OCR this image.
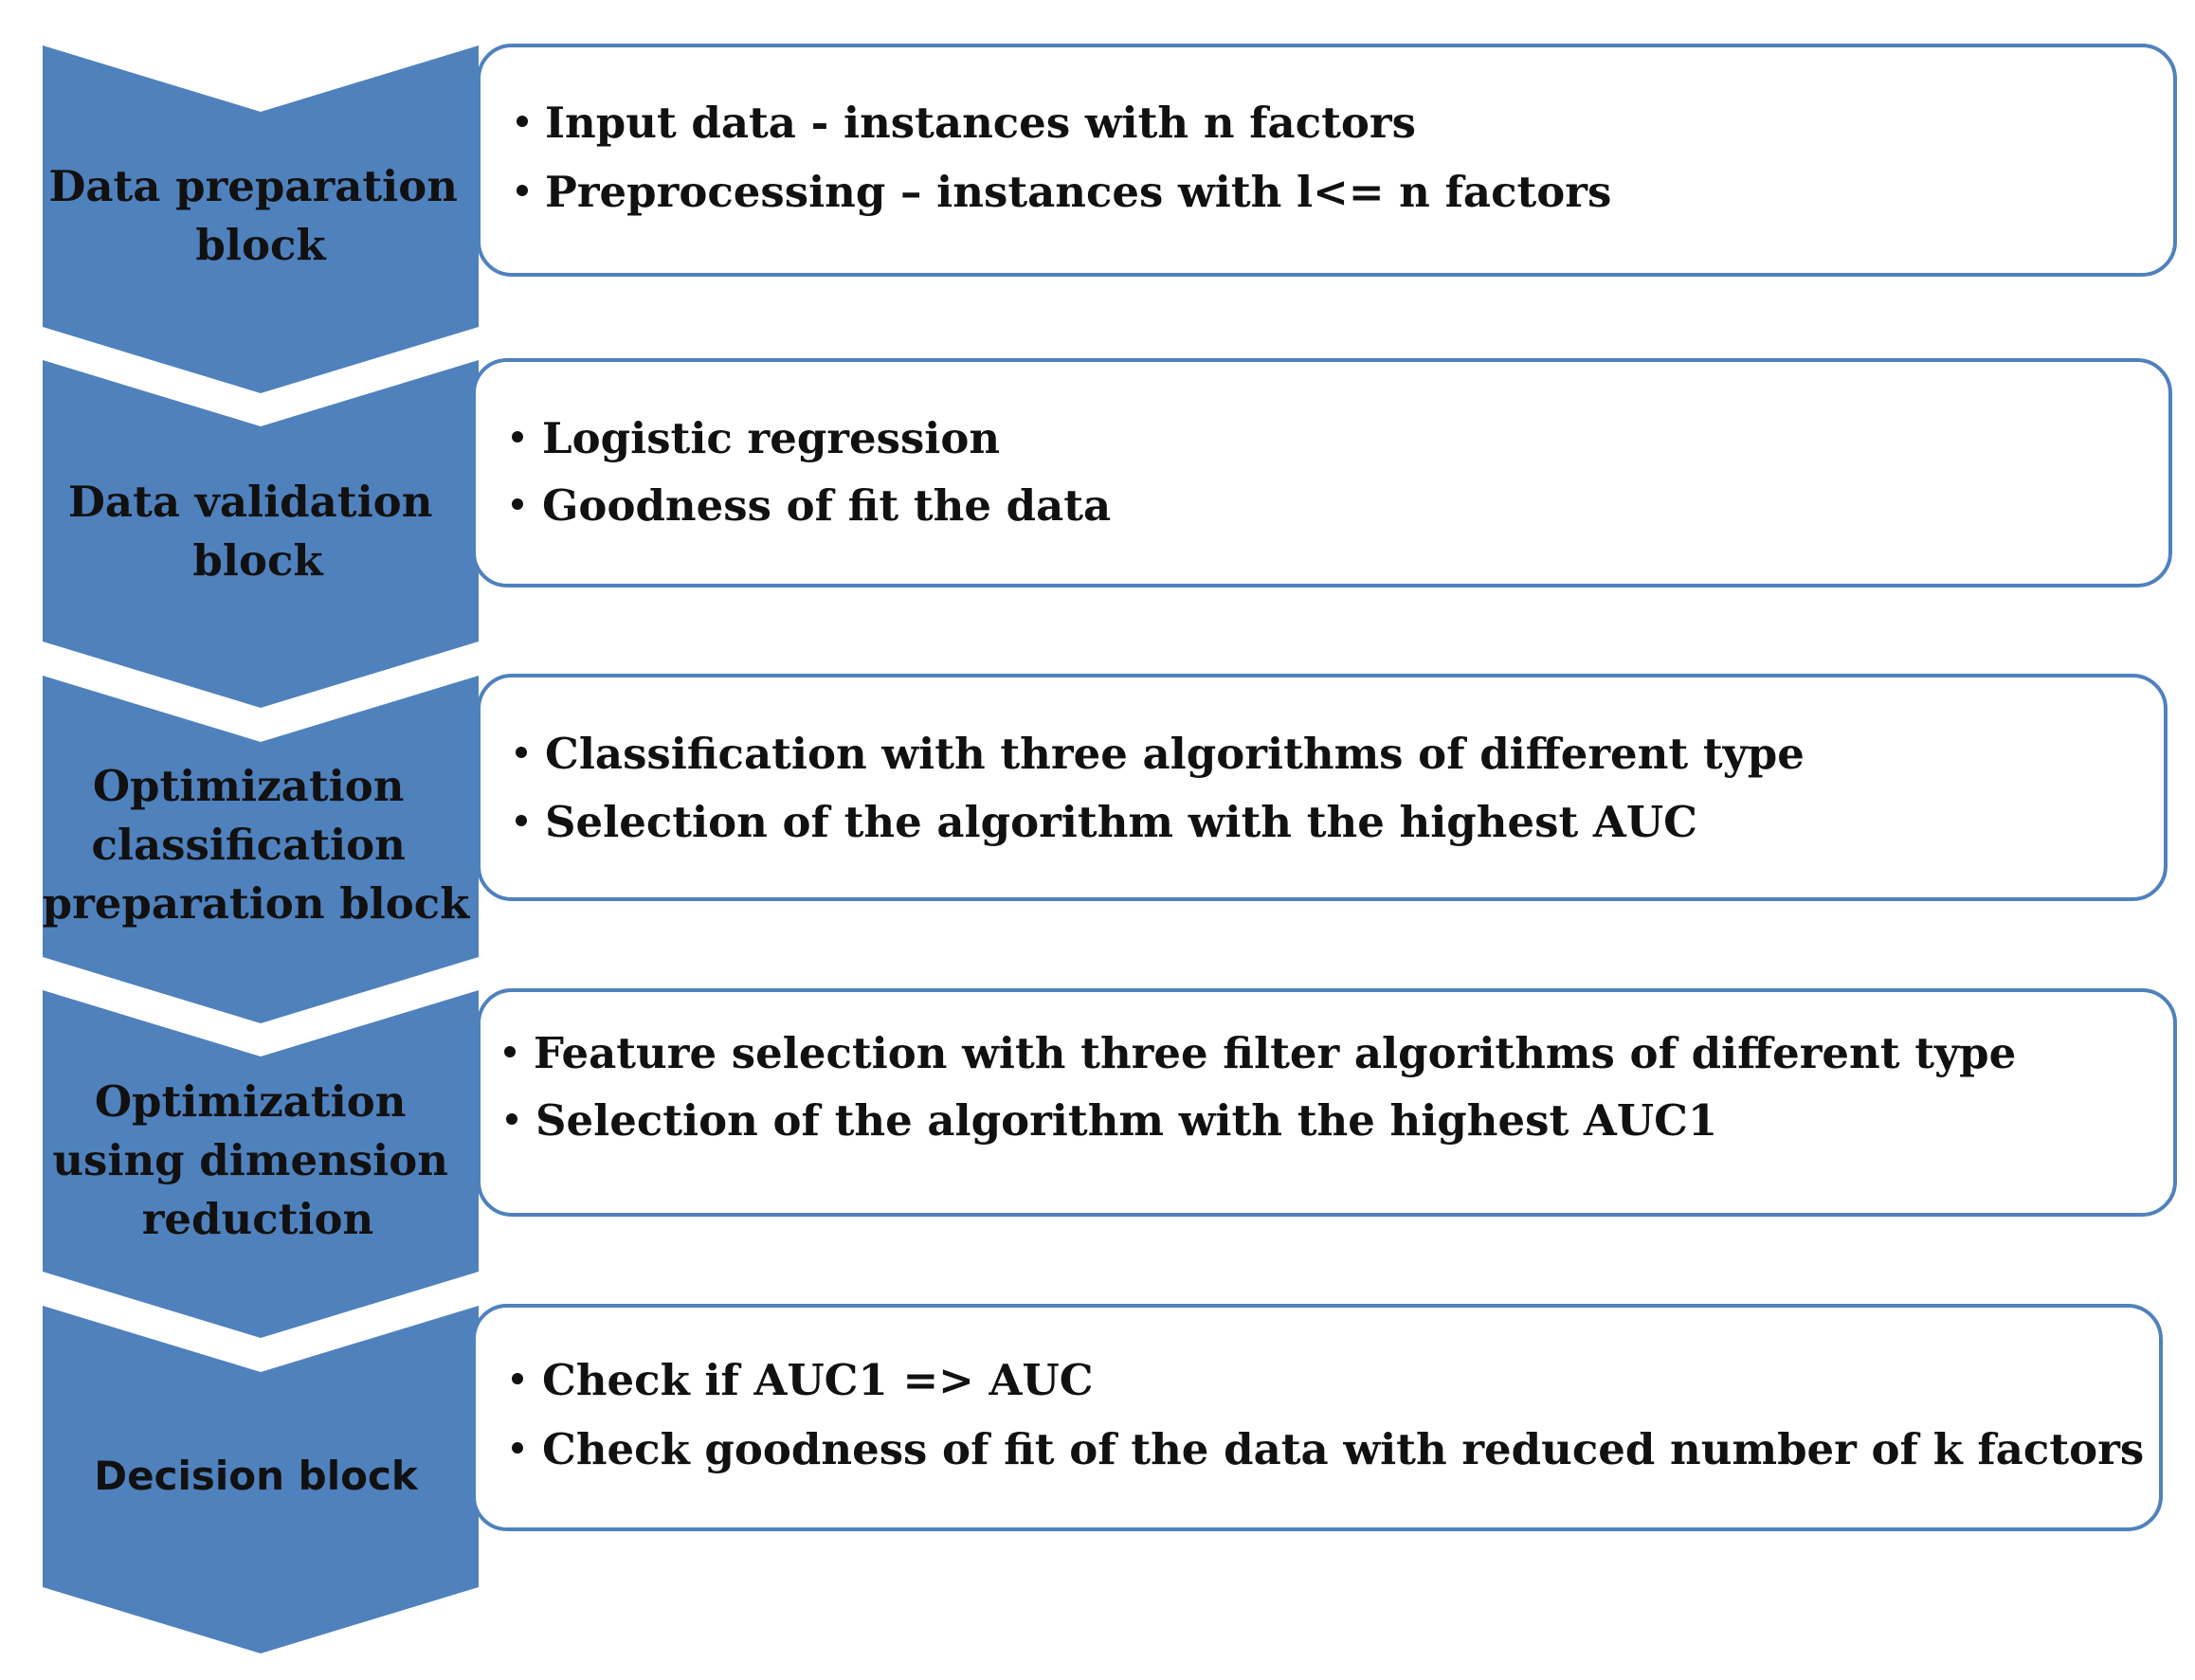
Data preparation block
Input data - instances with n factors
Preprocessing – instances with l<= n factors
Data validation block
Logistic regression
Goodness of fit the data
Optimization classification preparation block
Classification with three algorithms of different type
Selection of the algorithm with the highest AUC
Optimization using dimension reduction
Feature selection with three filter algorithms of different type
Selection of the algorithm with the highest AUC1
Decision block
Check if AUC1 => AUC
Check goodness of fit of the data with reduced number of k factors
